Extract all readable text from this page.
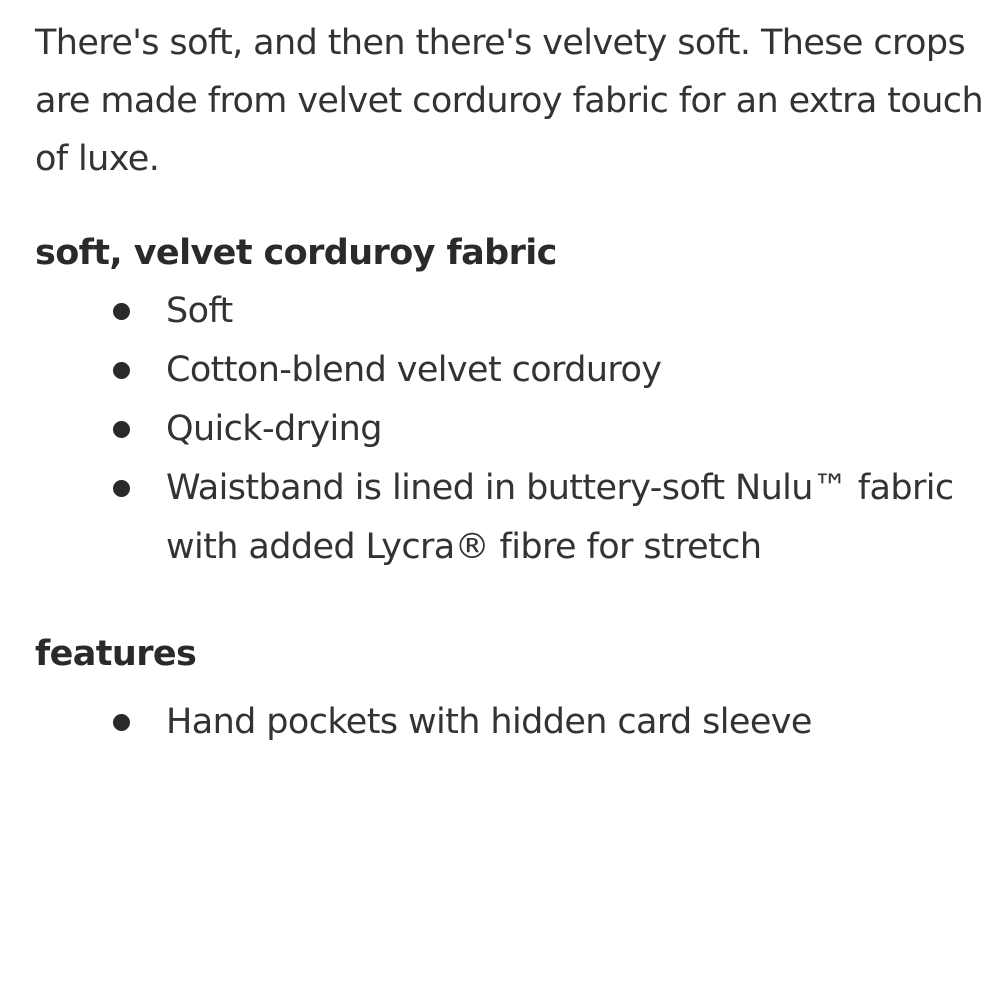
There's soft, and then there's velvety soft. These crops are made from velvet corduroy fabric for an extra touch of luxe.

soft, velvet corduroy fabric
Soft
Cotton-blend velvet corduroy
Quick-drying
Waistband is lined in buttery-soft Nulu™ fabric with added Lycra® fibre for stretch
features
Hand pockets with hidden card sleeve
